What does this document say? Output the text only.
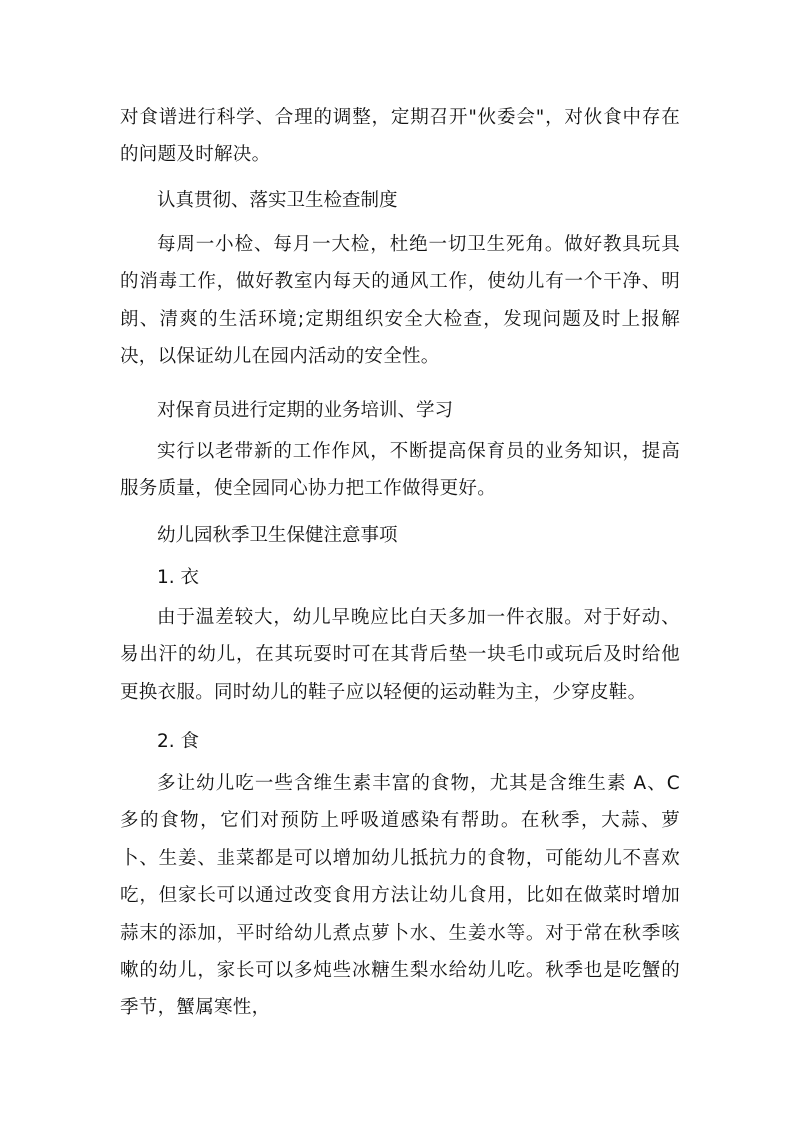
对食谱进行科学、合理的调整，定期召开"伙委会"，对伙食中存在的问题及时解决。

认真贯彻、落实卫生检查制度

每周一小检、每月一大检，杜绝一切卫生死角。做好教具玩具的消毒工作，做好教室内每天的通风工作，使幼儿有一个干净、明朗、清爽的生活环境;定期组织安全大检查，发现问题及时上报解决，以保证幼儿在园内活动的安全性。

对保育员进行定期的业务培训、学习

实行以老带新的工作作风，不断提高保育员的业务知识，提高服务质量，使全园同心协力把工作做得更好。

幼儿园秋季卫生保健注意事项

1. 衣

由于温差较大，幼儿早晚应比白天多加一件衣服。对于好动、易出汗的幼儿，在其玩耍时可在其背后垫一块毛巾或玩后及时给他更换衣服。同时幼儿的鞋子应以轻便的运动鞋为主，少穿皮鞋。

2. 食

多让幼儿吃一些含维生素丰富的食物，尤其是含维生素 A、C 多的食物，它们对预防上呼吸道感染有帮助。在秋季，大蒜、萝卜、生姜、韭菜都是可以增加幼儿抵抗力的食物，可能幼儿不喜欢吃，但家长可以通过改变食用方法让幼儿食用，比如在做菜时增加蒜末的添加，平时给幼儿煮点萝卜水、生姜水等。对于常在秋季咳嗽的幼儿，家长可以多炖些冰糖生梨水给幼儿吃。秋季也是吃蟹的季节，蟹属寒性，
